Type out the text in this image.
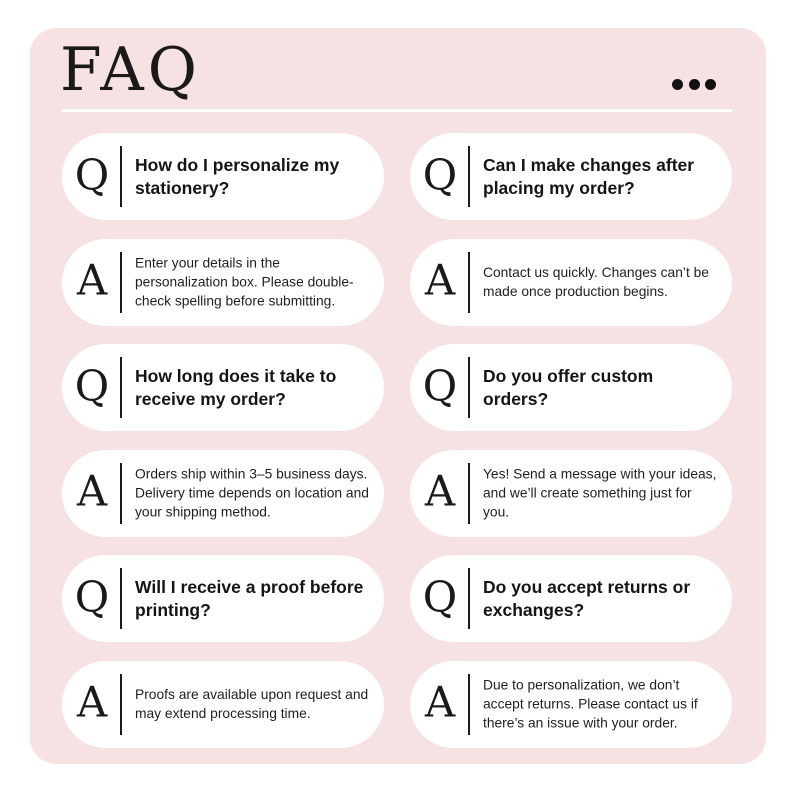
FAQ
Q How do I personalize my stationery?	Q Can I make changes after placing my order?
A Enter your details in the personalization box. Please double-check spelling before submitting.	A Contact us quickly. Changes can’t be made once production begins.
Q How long does it take to receive my order?	Q Do you offer custom orders?
A Orders ship within 3–5 business days. Delivery time depends on location and your shipping method.	A Yes! Send a message with your ideas, and we’ll create something just for you.
Q Will I receive a proof before printing?	Q Do you accept returns or exchanges?
A Proofs are available upon request and may extend processing time.	A Due to personalization, we don’t accept returns. Please contact us if there’s an issue with your order.
